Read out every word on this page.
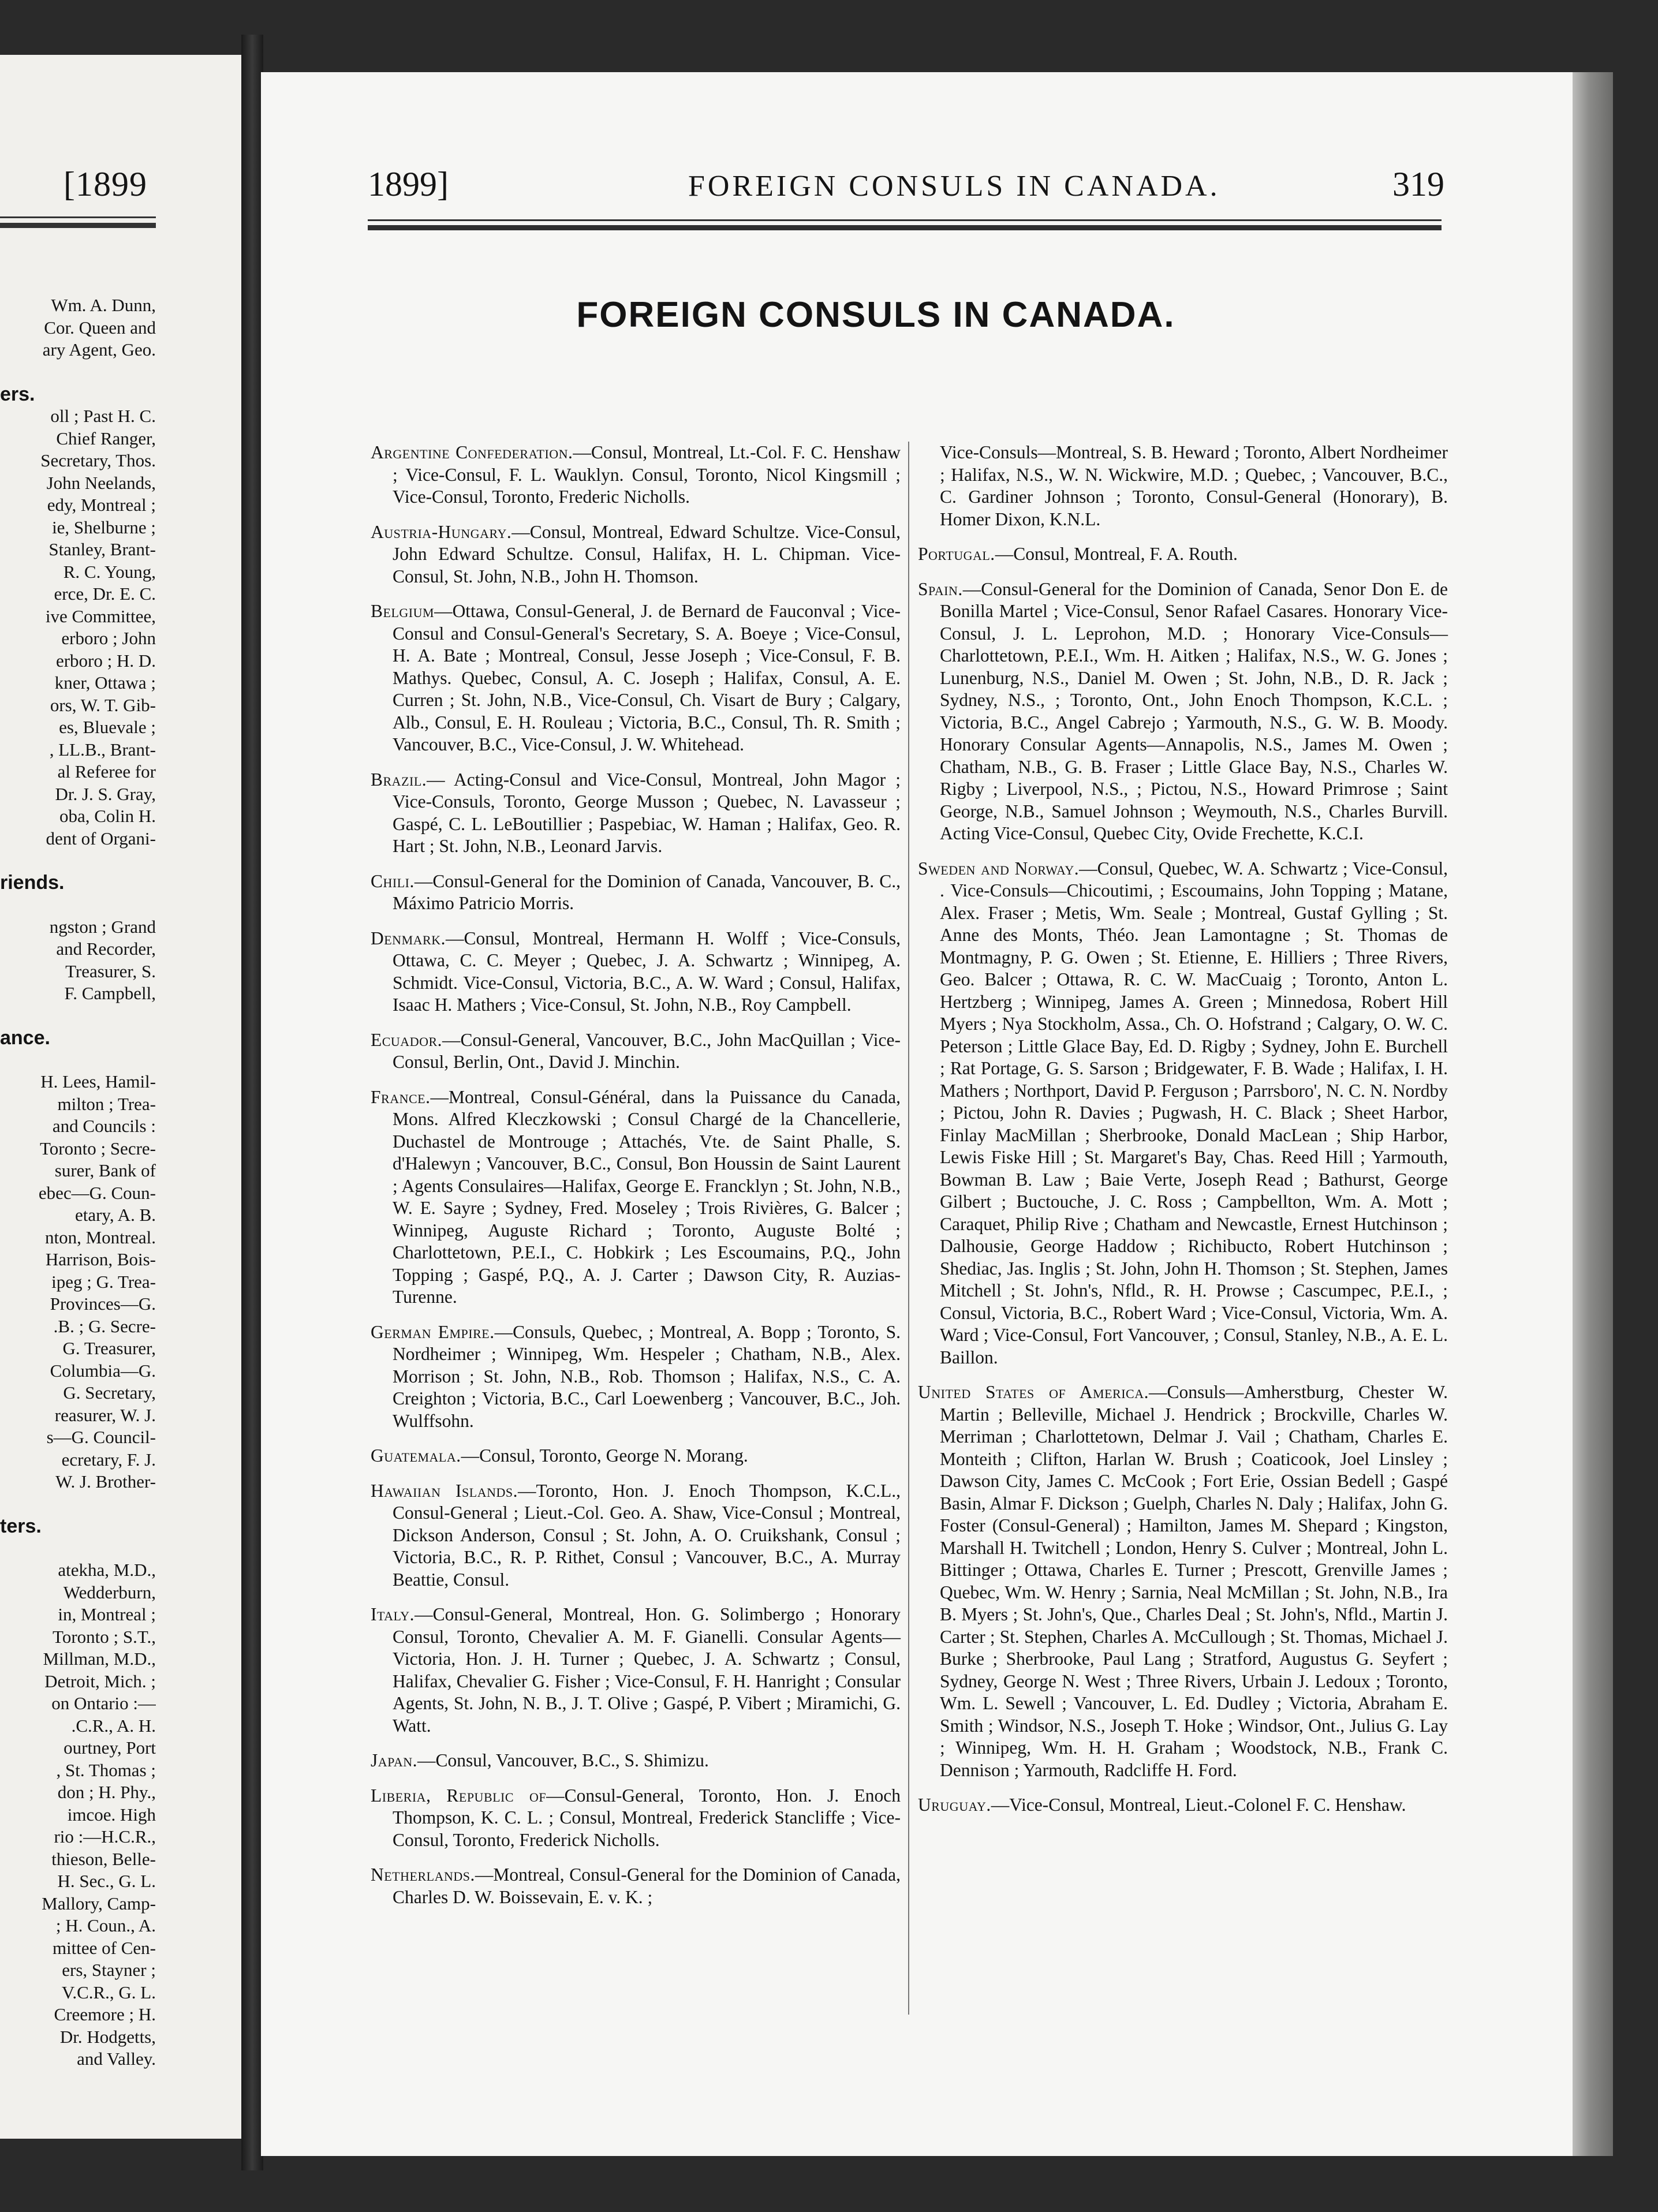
[1899
Wm. A. Dunn,
Cor. Queen and
ary Agent, Geo.
ers.
oll ; Past H. C.
Chief Ranger,
Secretary, Thos.
John Neelands,
edy, Montreal ;
ie, Shelburne ;
Stanley, Brant-
R. C. Young,
erce, Dr. E. C.
ive Committee,
erboro ; John
erboro ; H. D.
kner, Ottawa ;
ors, W. T. Gib-
es, Bluevale ;
, LL.B., Brant-
al Referee for
Dr. J. S. Gray,
oba, Colin H.
dent of Organi-
riends.
ngston ; Grand
and Recorder,
Treasurer, S.
F. Campbell,
ance.
H. Lees, Hamil-
milton ; Trea-
and Councils :
Toronto ; Secre-
surer, Bank of
ebec—G. Coun-
etary, A. B.
nton, Montreal.
Harrison, Bois-
ipeg ; G. Trea-
Provinces—G.
.B. ; G. Secre-
G. Treasurer,
Columbia—G.
G. Secretary,
reasurer, W. J.
s—G. Council-
ecretary, F. J.
W. J. Brother-
ters.
atekha, M.D.,
Wedderburn,
in, Montreal ;
Toronto ; S.T.,
Millman, M.D.,
Detroit, Mich. ;
on Ontario :—
.C.R., A. H.
ourtney, Port
, St. Thomas ;
don ; H. Phy.,
imcoe. High
rio :—H.C.R.,
thieson, Belle-
H. Sec., G. L.
Mallory, Camp-
; H. Coun., A.
mittee of Cen-
ers, Stayner ;
V.C.R., G. L.
Creemore ; H.
Dr. Hodgetts,
and Valley.
1899]	FOREIGN CONSULS IN CANADA.	319
FOREIGN CONSULS IN CANADA.
Argentine Confederation.—Consul, Montreal, Lt.-Col. F. C. Henshaw ; Vice-Consul, F. L. Wauklyn. Consul, Toronto, Nicol Kingsmill ; Vice-Consul, Toronto, Frederic Nicholls.
Austria-Hungary.—Consul, Montreal, Edward Schultze. Vice-Consul, John Edward Schultze. Consul, Halifax, H. L. Chipman. Vice-Consul, St. John, N.B., John H. Thomson.
Belgium—Ottawa, Consul-General, J. de Bernard de Fauconval ; Vice-Consul and Consul-General's Secretary, S. A. Boeye ; Vice-Consul, H. A. Bate ; Montreal, Consul, Jesse Joseph ; Vice-Consul, F. B. Mathys. Quebec, Consul, A. C. Joseph ; Halifax, Consul, A. E. Curren ; St. John, N.B., Vice-Consul, Ch. Visart de Bury ; Calgary, Alb., Consul, E. H. Rouleau ; Victoria, B.C., Consul, Th. R. Smith ; Vancouver, B.C., Vice-Consul, J. W. Whitehead.
Brazil.— Acting-Consul and Vice-Consul, Montreal, John Magor ; Vice-Consuls, Toronto, George Musson ; Quebec, N. Lavasseur ; Gaspé, C. L. LeBoutillier ; Paspebiac, W. Haman ; Halifax, Geo. R. Hart ; St. John, N.B., Leonard Jarvis.
Chili.—Consul-General for the Dominion of Canada, Vancouver, B. C., Máximo Patricio Morris.
Denmark.—Consul, Montreal, Hermann H. Wolff ; Vice-Consuls, Ottawa, C. C. Meyer ; Quebec, J. A. Schwartz ; Winnipeg, A. Schmidt. Vice-Consul, Victoria, B.C., A. W. Ward ; Consul, Halifax, Isaac H. Mathers ; Vice-Consul, St. John, N.B., Roy Campbell.
Ecuador.—Consul-General, Vancouver, B.C., John MacQuillan ; Vice-Consul, Berlin, Ont., David J. Minchin.
France.—Montreal, Consul-Général, dans la Puissance du Canada, Mons. Alfred Kleczkowski ; Consul Chargé de la Chancellerie, Duchastel de Montrouge ; Attachés, Vte. de Saint Phalle, S. d'Halewyn ; Vancouver, B.C., Consul, Bon Houssin de Saint Laurent ; Agents Consulaires—Halifax, George E. Francklyn ; St. John, N.B., W. E. Sayre ; Sydney, Fred. Moseley ; Trois Rivières, G. Balcer ; Winnipeg, Auguste Richard ; Toronto, Auguste Bolté ; Charlottetown, P.E.I., C. Hobkirk ; Les Escoumains, P.Q., John Topping ; Gaspé, P.Q., A. J. Carter ; Dawson City, R. Auzias-Turenne.
German Empire.—Consuls, Quebec, ; Montreal, A. Bopp ; Toronto, S. Nordheimer ; Winnipeg, Wm. Hespeler ; Chatham, N.B., Alex. Morrison ; St. John, N.B., Rob. Thomson ; Halifax, N.S., C. A. Creighton ; Victoria, B.C., Carl Loewenberg ; Vancouver, B.C., Joh. Wulffsohn.
Guatemala.—Consul, Toronto, George N. Morang.
Hawaiian Islands.—Toronto, Hon. J. Enoch Thompson, K.C.L., Consul-General ; Lieut.-Col. Geo. A. Shaw, Vice-Consul ; Montreal, Dickson Anderson, Consul ; St. John, A. O. Cruikshank, Consul ; Victoria, B.C., R. P. Rithet, Consul ; Vancouver, B.C., A. Murray Beattie, Consul.
Italy.—Consul-General, Montreal, Hon. G. Solimbergo ; Honorary Consul, Toronto, Chevalier A. M. F. Gianelli. Consular Agents—Victoria, Hon. J. H. Turner ; Quebec, J. A. Schwartz ; Consul, Halifax, Chevalier G. Fisher ; Vice-Consul, F. H. Hanright ; Consular Agents, St. John, N. B., J. T. Olive ; Gaspé, P. Vibert ; Miramichi, G. Watt.
Japan.—Consul, Vancouver, B.C., S. Shimizu.
Liberia, Republic of—Consul-General, Toronto, Hon. J. Enoch Thompson, K. C. L. ; Consul, Montreal, Frederick Stancliffe ; Vice-Consul, Toronto, Frederick Nicholls.
Netherlands.—Montreal, Consul-General for the Dominion of Canada, Charles D. W. Boissevain, E. v. K. ;
Vice-Consuls—Montreal, S. B. Heward ; Toronto, Albert Nordheimer ; Halifax, N.S., W. N. Wickwire, M.D. ; Quebec, ; Vancouver, B.C., C. Gardiner Johnson ; Toronto, Consul-General (Honorary), B. Homer Dixon, K.N.L.
Portugal.—Consul, Montreal, F. A. Routh.
Spain.—Consul-General for the Dominion of Canada, Senor Don E. de Bonilla Martel ; Vice-Consul, Senor Rafael Casares. Honorary Vice-Consul, J. L. Leprohon, M.D. ; Honorary Vice-Consuls—Charlottetown, P.E.I., Wm. H. Aitken ; Halifax, N.S., W. G. Jones ; Lunenburg, N.S., Daniel M. Owen ; St. John, N.B., D. R. Jack ; Sydney, N.S., ; Toronto, Ont., John Enoch Thompson, K.C.L. ; Victoria, B.C., Angel Cabrejo ; Yarmouth, N.S., G. W. B. Moody. Honorary Consular Agents—Annapolis, N.S., James M. Owen ; Chatham, N.B., G. B. Fraser ; Little Glace Bay, N.S., Charles W. Rigby ; Liverpool, N.S., ; Pictou, N.S., Howard Primrose ; Saint George, N.B., Samuel Johnson ; Weymouth, N.S., Charles Burvill. Acting Vice-Consul, Quebec City, Ovide Frechette, K.C.I.
Sweden and Norway.—Consul, Quebec, W. A. Schwartz ; Vice-Consul, . Vice-Consuls—Chicoutimi, ; Escoumains, John Topping ; Matane, Alex. Fraser ; Metis, Wm. Seale ; Montreal, Gustaf Gylling ; St. Anne des Monts, Théo. Jean Lamontagne ; St. Thomas de Montmagny, P. G. Owen ; St. Etienne, E. Hilliers ; Three Rivers, Geo. Balcer ; Ottawa, R. C. W. MacCuaig ; Toronto, Anton L. Hertzberg ; Winnipeg, James A. Green ; Minnedosa, Robert Hill Myers ; Nya Stockholm, Assa., Ch. O. Hofstrand ; Calgary, O. W. C. Peterson ; Little Glace Bay, Ed. D. Rigby ; Sydney, John E. Burchell ; Rat Portage, G. S. Sarson ; Bridgewater, F. B. Wade ; Halifax, I. H. Mathers ; Northport, David P. Ferguson ; Parrsboro', N. C. N. Nordby ; Pictou, John R. Davies ; Pugwash, H. C. Black ; Sheet Harbor, Finlay MacMillan ; Sherbrooke, Donald MacLean ; Ship Harbor, Lewis Fiske Hill ; St. Margaret's Bay, Chas. Reed Hill ; Yarmouth, Bowman B. Law ; Baie Verte, Joseph Read ; Bathurst, George Gilbert ; Buctouche, J. C. Ross ; Campbellton, Wm. A. Mott ; Caraquet, Philip Rive ; Chatham and Newcastle, Ernest Hutchinson ; Dalhousie, George Haddow ; Richibucto, Robert Hutchinson ; Shediac, Jas. Inglis ; St. John, John H. Thomson ; St. Stephen, James Mitchell ; St. John's, Nfld., R. H. Prowse ; Cascumpec, P.E.I., ; Consul, Victoria, B.C., Robert Ward ; Vice-Consul, Victoria, Wm. A. Ward ; Vice-Consul, Fort Vancouver, ; Consul, Stanley, N.B., A. E. L. Baillon.
United States of America.—Consuls—Amherstburg, Chester W. Martin ; Belleville, Michael J. Hendrick ; Brockville, Charles W. Merriman ; Charlottetown, Delmar J. Vail ; Chatham, Charles E. Monteith ; Clifton, Harlan W. Brush ; Coaticook, Joel Linsley ; Dawson City, James C. McCook ; Fort Erie, Ossian Bedell ; Gaspé Basin, Almar F. Dickson ; Guelph, Charles N. Daly ; Halifax, John G. Foster (Consul-General) ; Hamilton, James M. Shepard ; Kingston, Marshall H. Twitchell ; London, Henry S. Culver ; Montreal, John L. Bittinger ; Ottawa, Charles E. Turner ; Prescott, Grenville James ; Quebec, Wm. W. Henry ; Sarnia, Neal McMillan ; St. John, N.B., Ira B. Myers ; St. John's, Que., Charles Deal ; St. John's, Nfld., Martin J. Carter ; St. Stephen, Charles A. McCullough ; St. Thomas, Michael J. Burke ; Sherbrooke, Paul Lang ; Stratford, Augustus G. Seyfert ; Sydney, George N. West ; Three Rivers, Urbain J. Ledoux ; Toronto, Wm. L. Sewell ; Vancouver, L. Ed. Dudley ; Victoria, Abraham E. Smith ; Windsor, N.S., Joseph T. Hoke ; Windsor, Ont., Julius G. Lay ; Winnipeg, Wm. H. H. Graham ; Woodstock, N.B., Frank C. Dennison ; Yarmouth, Radcliffe H. Ford.
Uruguay.—Vice-Consul, Montreal, Lieut.-Colonel F. C. Henshaw.
